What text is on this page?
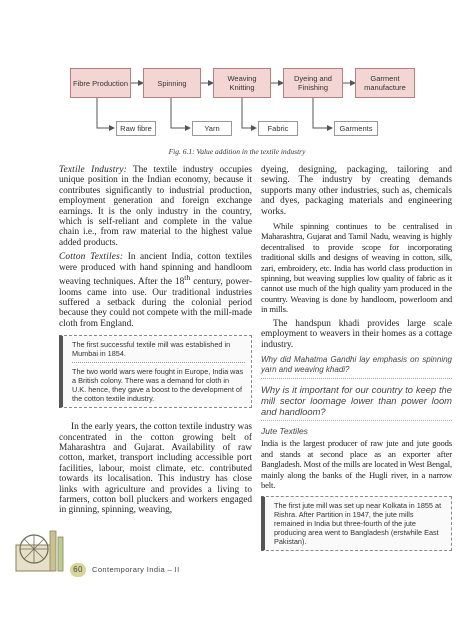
Fibre Production	Spinning	Weaving Knitting
Dyeing and Finishing
Garment manufacture
Raw fibre	Yarn	Fabric	Garments
Fig. 6.1: Value addition in the textile industry

Textile Industry: The textile industry occupies unique position in the Indian economy, because it contributes significantly to industrial production, employment generation and foreign exchange earnings. It is the only industry in the country, which is self-reliant and complete in the value chain i.e., from raw material to the highest value added products.

Cotton Textiles: In ancient India, cotton textiles were produced with hand spinning and handloom weaving techniques. After the 18th century, power-looms came into use. Our traditional industries suffered a setback during the colonial period because they could not compete with the mill-made cloth from England.

The first successful textile mill was established in Mumbai in 1854.
The two world wars were fought in Europe, India was a British colony. There was a demand for cloth in U.K. hence, they gave a boost to the development of the cotton textile industry.

In the early years, the cotton textile industry was concentrated in the cotton growing belt of Maharashtra and Gujarat. Availability of raw cotton, market, transport including accessible port facilities, labour, moist climate, etc. contributed towards its localisation. This industry has close links with agriculture and provides a living to farmers, cotton boll pluckers and workers engaged in ginning, spinning, weaving,

dyeing, designing, packaging, tailoring and sewing. The industry by creating demands supports many other industries, such as, chemicals and dyes, packaging materials and engineering works.

While spinning continues to be centralised in Maharashtra, Gujarat and Tamil Nadu, weaving is highly decentralised to provide scope for incorporating traditional skills and designs of weaving in cotton, silk, zari, embroidery, etc. India has world class production in spinning, but weaving supplies low quality of fabric as it cannot use much of the high quality yarn produced in the country. Weaving is done by handloom, powerloom and in mills.

The handspun khadi provides large scale employment to weavers in their homes as a cottage industry.

Why did Mahatma Gandhi lay emphasis on spinning yarn and weaving khadi?
Why is it important for our country to keep the mill sector loomage lower than power loom and handloom?
Jute Textiles

India is the largest producer of raw jute and jute goods and stands at second place as an exporter after Bangladesh. Most of the mills are located in West Bengal, mainly along the banks of the Hugli river, in a narrow belt.

The first jute mill was set up near Kolkata in 1855 at Rishra. After Partition in 1947, the jute mills remained in India but three-fourth of the jute producing area went to Bangladesh (erstwhile East Pakistan).
60 Contemporary India – II
